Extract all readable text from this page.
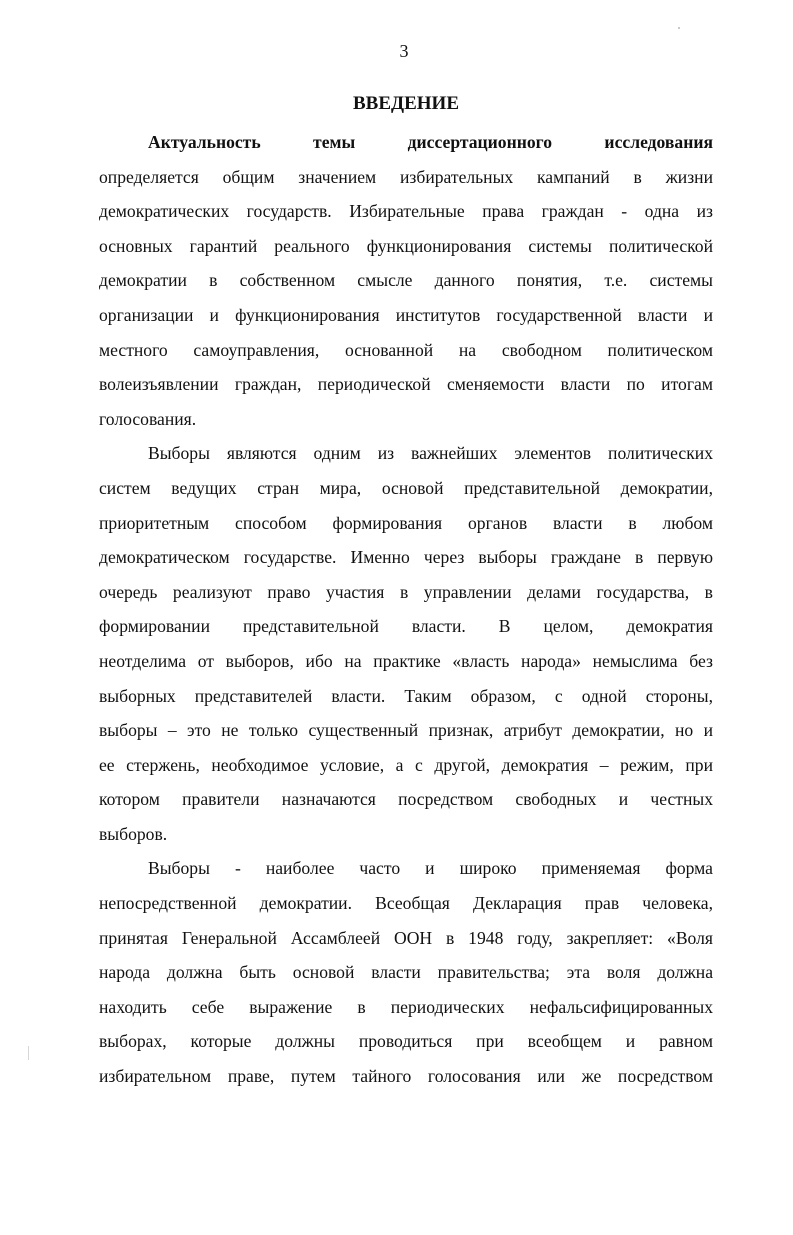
3
ВВЕДЕНИЕ
Актуальность темы диссертационного исследования
определяется общим значением избирательных кампаний в жизни
демократических государств. Избирательные права граждан - одна из
основных гарантий реального функционирования системы политической
демократии в собственном смысле данного понятия, т.е. системы
организации и функционирования институтов государственной власти и
местного самоуправления, основанной на свободном политическом
волеизъявлении граждан, периодической сменяемости власти по итогам
голосования.
Выборы являются одним из важнейших элементов политических
систем ведущих стран мира, основой представительной демократии,
приоритетным способом формирования органов власти в любом
демократическом государстве. Именно через выборы граждане в первую
очередь реализуют право участия в управлении делами государства, в
формировании представительной власти. В целом, демократия
неотделима от выборов, ибо на практике «власть народа» немыслима без
выборных представителей власти. Таким образом, с одной стороны,
выборы – это не только существенный признак, атрибут демократии, но и
ее стержень, необходимое условие, а с другой, демократия – режим, при
котором правители назначаются посредством свободных и честных
выборов.
Выборы - наиболее часто и широко применяемая форма
непосредственной демократии. Всеобщая Декларация прав человека,
принятая Генеральной Ассамблеей ООН в 1948 году, закрепляет: «Воля
народа должна быть основой власти правительства; эта воля должна
находить себе выражение в периодических нефальсифицированных
выборах, которые должны проводиться при всеобщем и равном
избирательном праве, путем тайного голосования или же посредством
